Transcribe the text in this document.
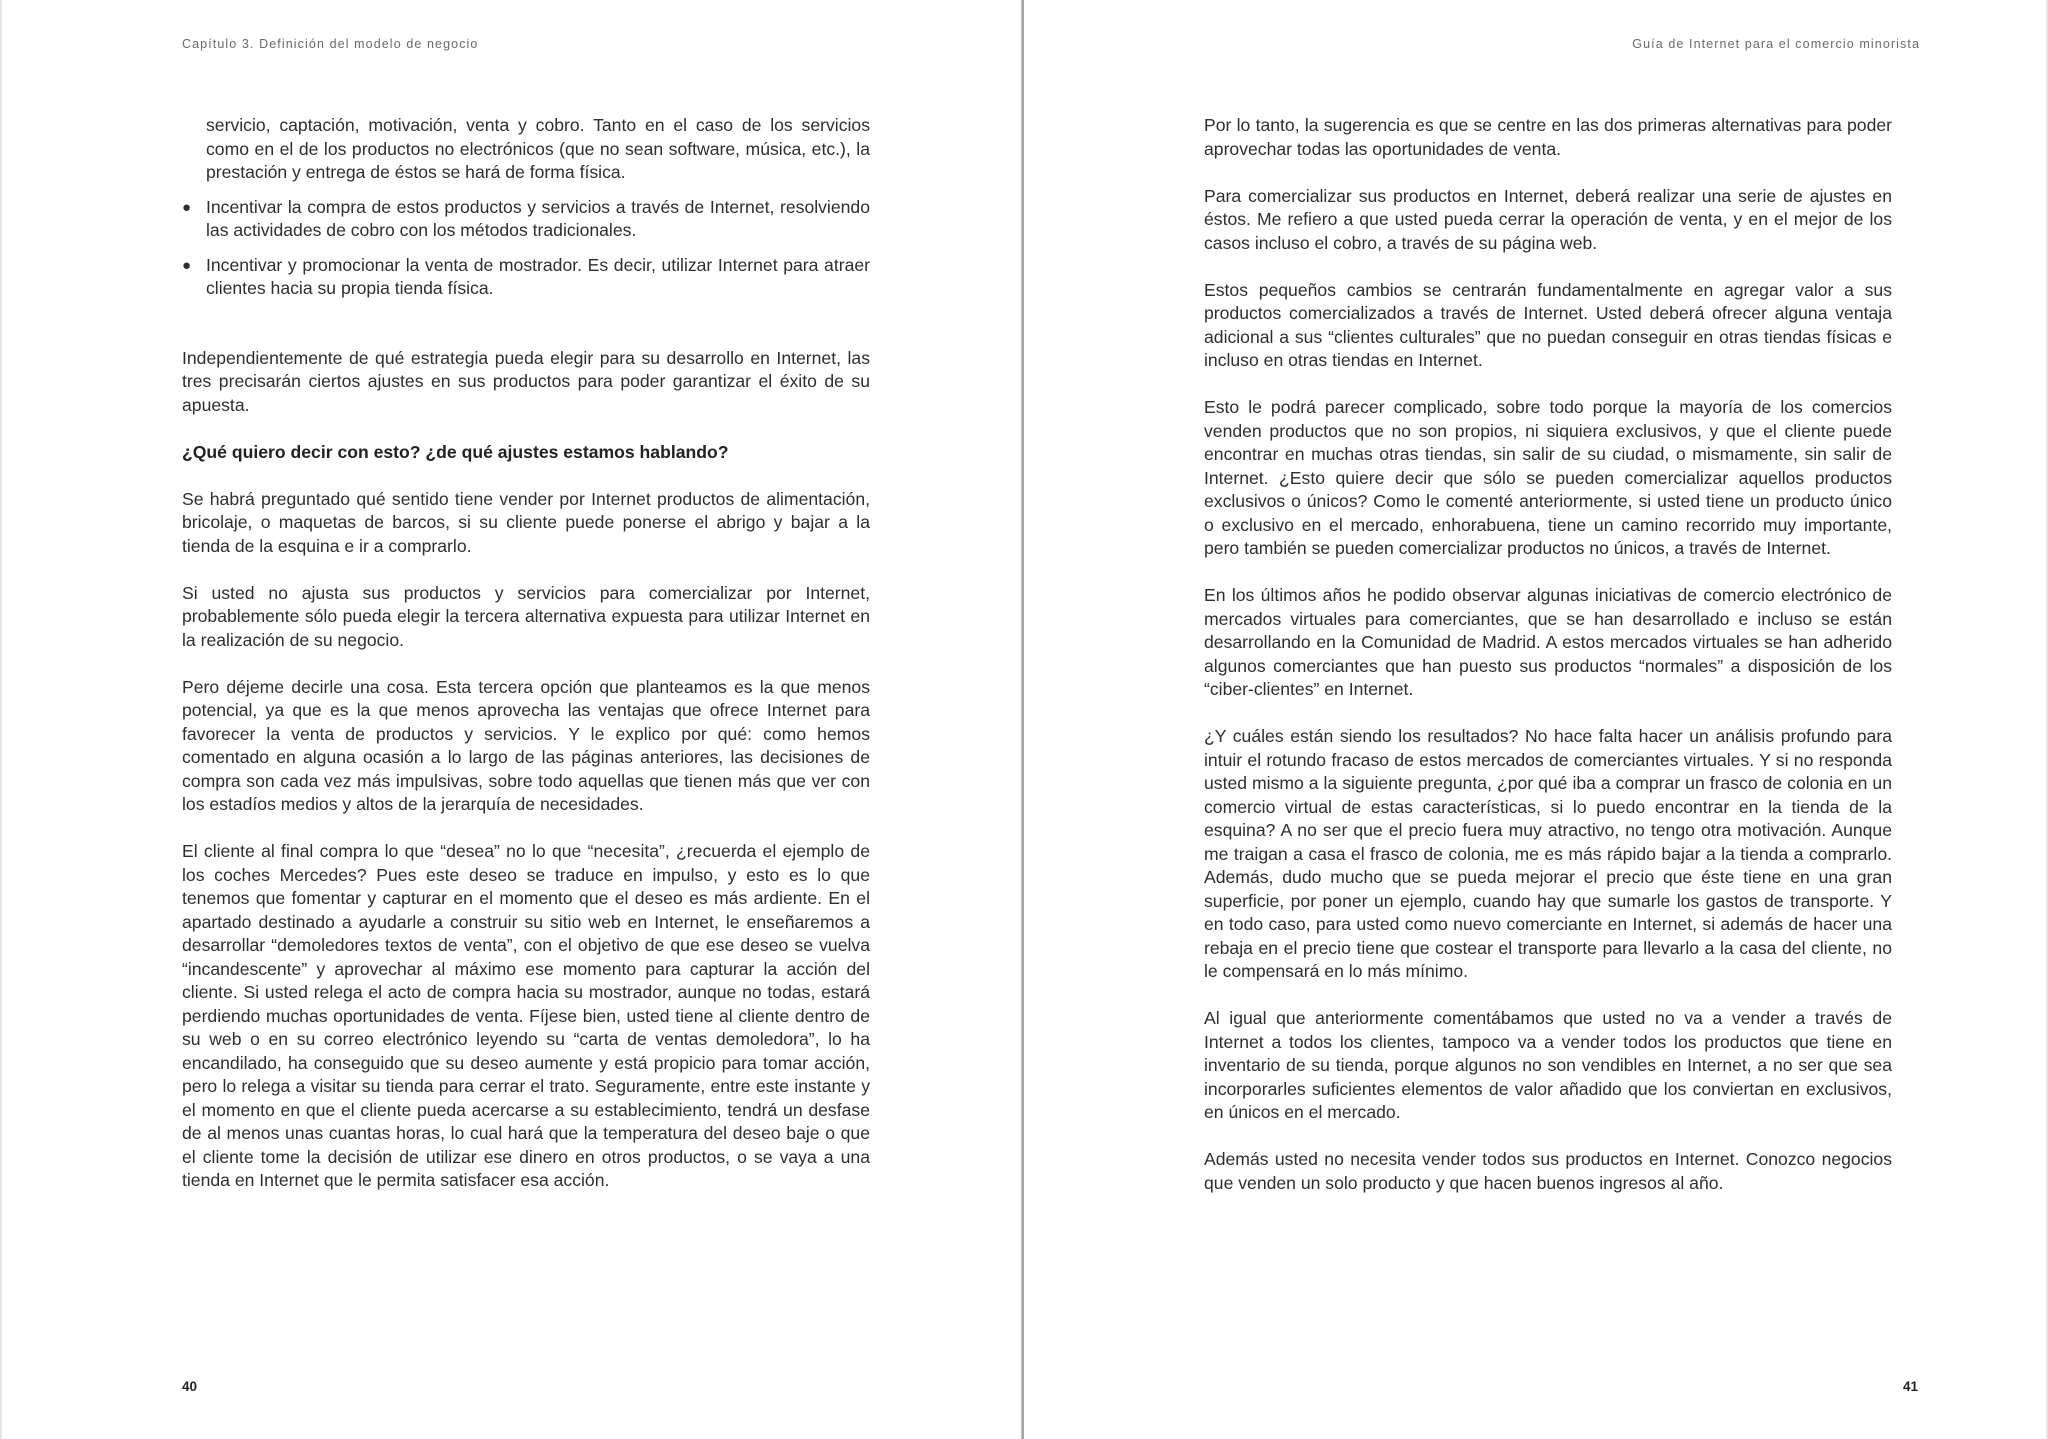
Capítulo 3. Definición del modelo de negocio

servicio, captación, motivación, venta y cobro. Tanto en el caso de los servicios como en el de los productos no electrónicos (que no sean software, música, etc.), la prestación y entrega de éstos se hará de forma física.

● Incentivar la compra de estos productos y servicios a través de Internet, resolviendo las actividades de cobro con los métodos tradicionales.
● Incentivar y promocionar la venta de mostrador. Es decir, utilizar Internet para atraer clientes hacia su propia tienda física.

Independientemente de qué estrategia pueda elegir para su desarrollo en Internet, las tres precisarán ciertos ajustes en sus productos para poder garantizar el éxito de su apuesta.

¿Qué quiero decir con esto? ¿de qué ajustes estamos hablando?

Se habrá preguntado qué sentido tiene vender por Internet productos de alimentación, bricolaje, o maquetas de barcos, si su cliente puede ponerse el abrigo y bajar a la tienda de la esquina e ir a comprarlo.

Si usted no ajusta sus productos y servicios para comercializar por Internet, probablemente sólo pueda elegir la tercera alternativa expuesta para utilizar Internet en la realización de su negocio.

Pero déjeme decirle una cosa. Esta tercera opción que planteamos es la que menos potencial, ya que es la que menos aprovecha las ventajas que ofrece Internet para favorecer la venta de productos y servicios. Y le explico por qué: como hemos comentado en alguna ocasión a lo largo de las páginas anteriores, las decisiones de compra son cada vez más impulsivas, sobre todo aquellas que tienen más que ver con los estadíos medios y altos de la jerarquía de necesidades.

El cliente al final compra lo que “desea” no lo que “necesita”, ¿recuerda el ejemplo de los coches Mercedes? Pues este deseo se traduce en impulso, y esto es lo que tenemos que fomentar y capturar en el momento que el deseo es más ardiente. En el apartado destinado a ayudarle a construir su sitio web en Internet, le enseñaremos a desarrollar “demoledores textos de venta”, con el objetivo de que ese deseo se vuelva “incandescente” y aprovechar al máximo ese momento para capturar la acción del cliente. Si usted relega el acto de compra hacia su mostrador, aunque no todas, estará perdiendo muchas oportunidades de venta. Fíjese bien, usted tiene al cliente dentro de su web o en su correo electrónico leyendo su “carta de ventas demoledora”, lo ha encandilado, ha conseguido que su deseo aumente y está propicio para tomar acción, pero lo relega a visitar su tienda para cerrar el trato. Seguramente, entre este instante y el momento en que el cliente pueda acercarse a su establecimiento, tendrá un desfase de al menos unas cuantas horas, lo cual hará que la temperatura del deseo baje o que el cliente tome la decisión de utilizar ese dinero en otros productos, o se vaya a una tienda en Internet que le permita satisfacer esa acción.

40
Guía de Internet para el comercio minorista

Por lo tanto, la sugerencia es que se centre en las dos primeras alternativas para poder aprovechar todas las oportunidades de venta.

Para comercializar sus productos en Internet, deberá realizar una serie de ajustes en éstos. Me refiero a que usted pueda cerrar la operación de venta, y en el mejor de los casos incluso el cobro, a través de su página web.

Estos pequeños cambios se centrarán fundamentalmente en agregar valor a sus productos comercializados a través de Internet. Usted deberá ofrecer alguna ventaja adicional a sus “clientes culturales” que no puedan conseguir en otras tiendas físicas e incluso en otras tiendas en Internet.

Esto le podrá parecer complicado, sobre todo porque la mayoría de los comercios venden productos que no son propios, ni siquiera exclusivos, y que el cliente puede encontrar en muchas otras tiendas, sin salir de su ciudad, o mismamente, sin salir de Internet. ¿Esto quiere decir que sólo se pueden comercializar aquellos productos exclusivos o únicos? Como le comenté anteriormente, si usted tiene un producto único o exclusivo en el mercado, enhorabuena, tiene un camino recorrido muy importante, pero también se pueden comercializar productos no únicos, a través de Internet.

En los últimos años he podido observar algunas iniciativas de comercio electrónico de mercados virtuales para comerciantes, que se han desarrollado e incluso se están desarrollando en la Comunidad de Madrid. A estos mercados virtuales se han adherido algunos comerciantes que han puesto sus productos “normales” a disposición de los “ciber-clientes” en Internet.

¿Y cuáles están siendo los resultados? No hace falta hacer un análisis profundo para intuir el rotundo fracaso de estos mercados de comerciantes virtuales. Y si no responda usted mismo a la siguiente pregunta, ¿por qué iba a comprar un frasco de colonia en un comercio virtual de estas características, si lo puedo encontrar en la tienda de la esquina? A no ser que el precio fuera muy atractivo, no tengo otra motivación. Aunque me traigan a casa el frasco de colonia, me es más rápido bajar a la tienda a comprarlo. Además, dudo mucho que se pueda mejorar el precio que éste tiene en una gran superficie, por poner un ejemplo, cuando hay que sumarle los gastos de transporte. Y en todo caso, para usted como nuevo comerciante en Internet, si además de hacer una rebaja en el precio tiene que costear el transporte para llevarlo a la casa del cliente, no le compensará en lo más mínimo.

Al igual que anteriormente comentábamos que usted no va a vender a través de Internet a todos los clientes, tampoco va a vender todos los productos que tiene en inventario de su tienda, porque algunos no son vendibles en Internet, a no ser que sea incorporarles suficientes elementos de valor añadido que los conviertan en exclusivos, en únicos en el mercado.

Además usted no necesita vender todos sus productos en Internet. Conozco negocios que venden un solo producto y que hacen buenos ingresos al año.

41
